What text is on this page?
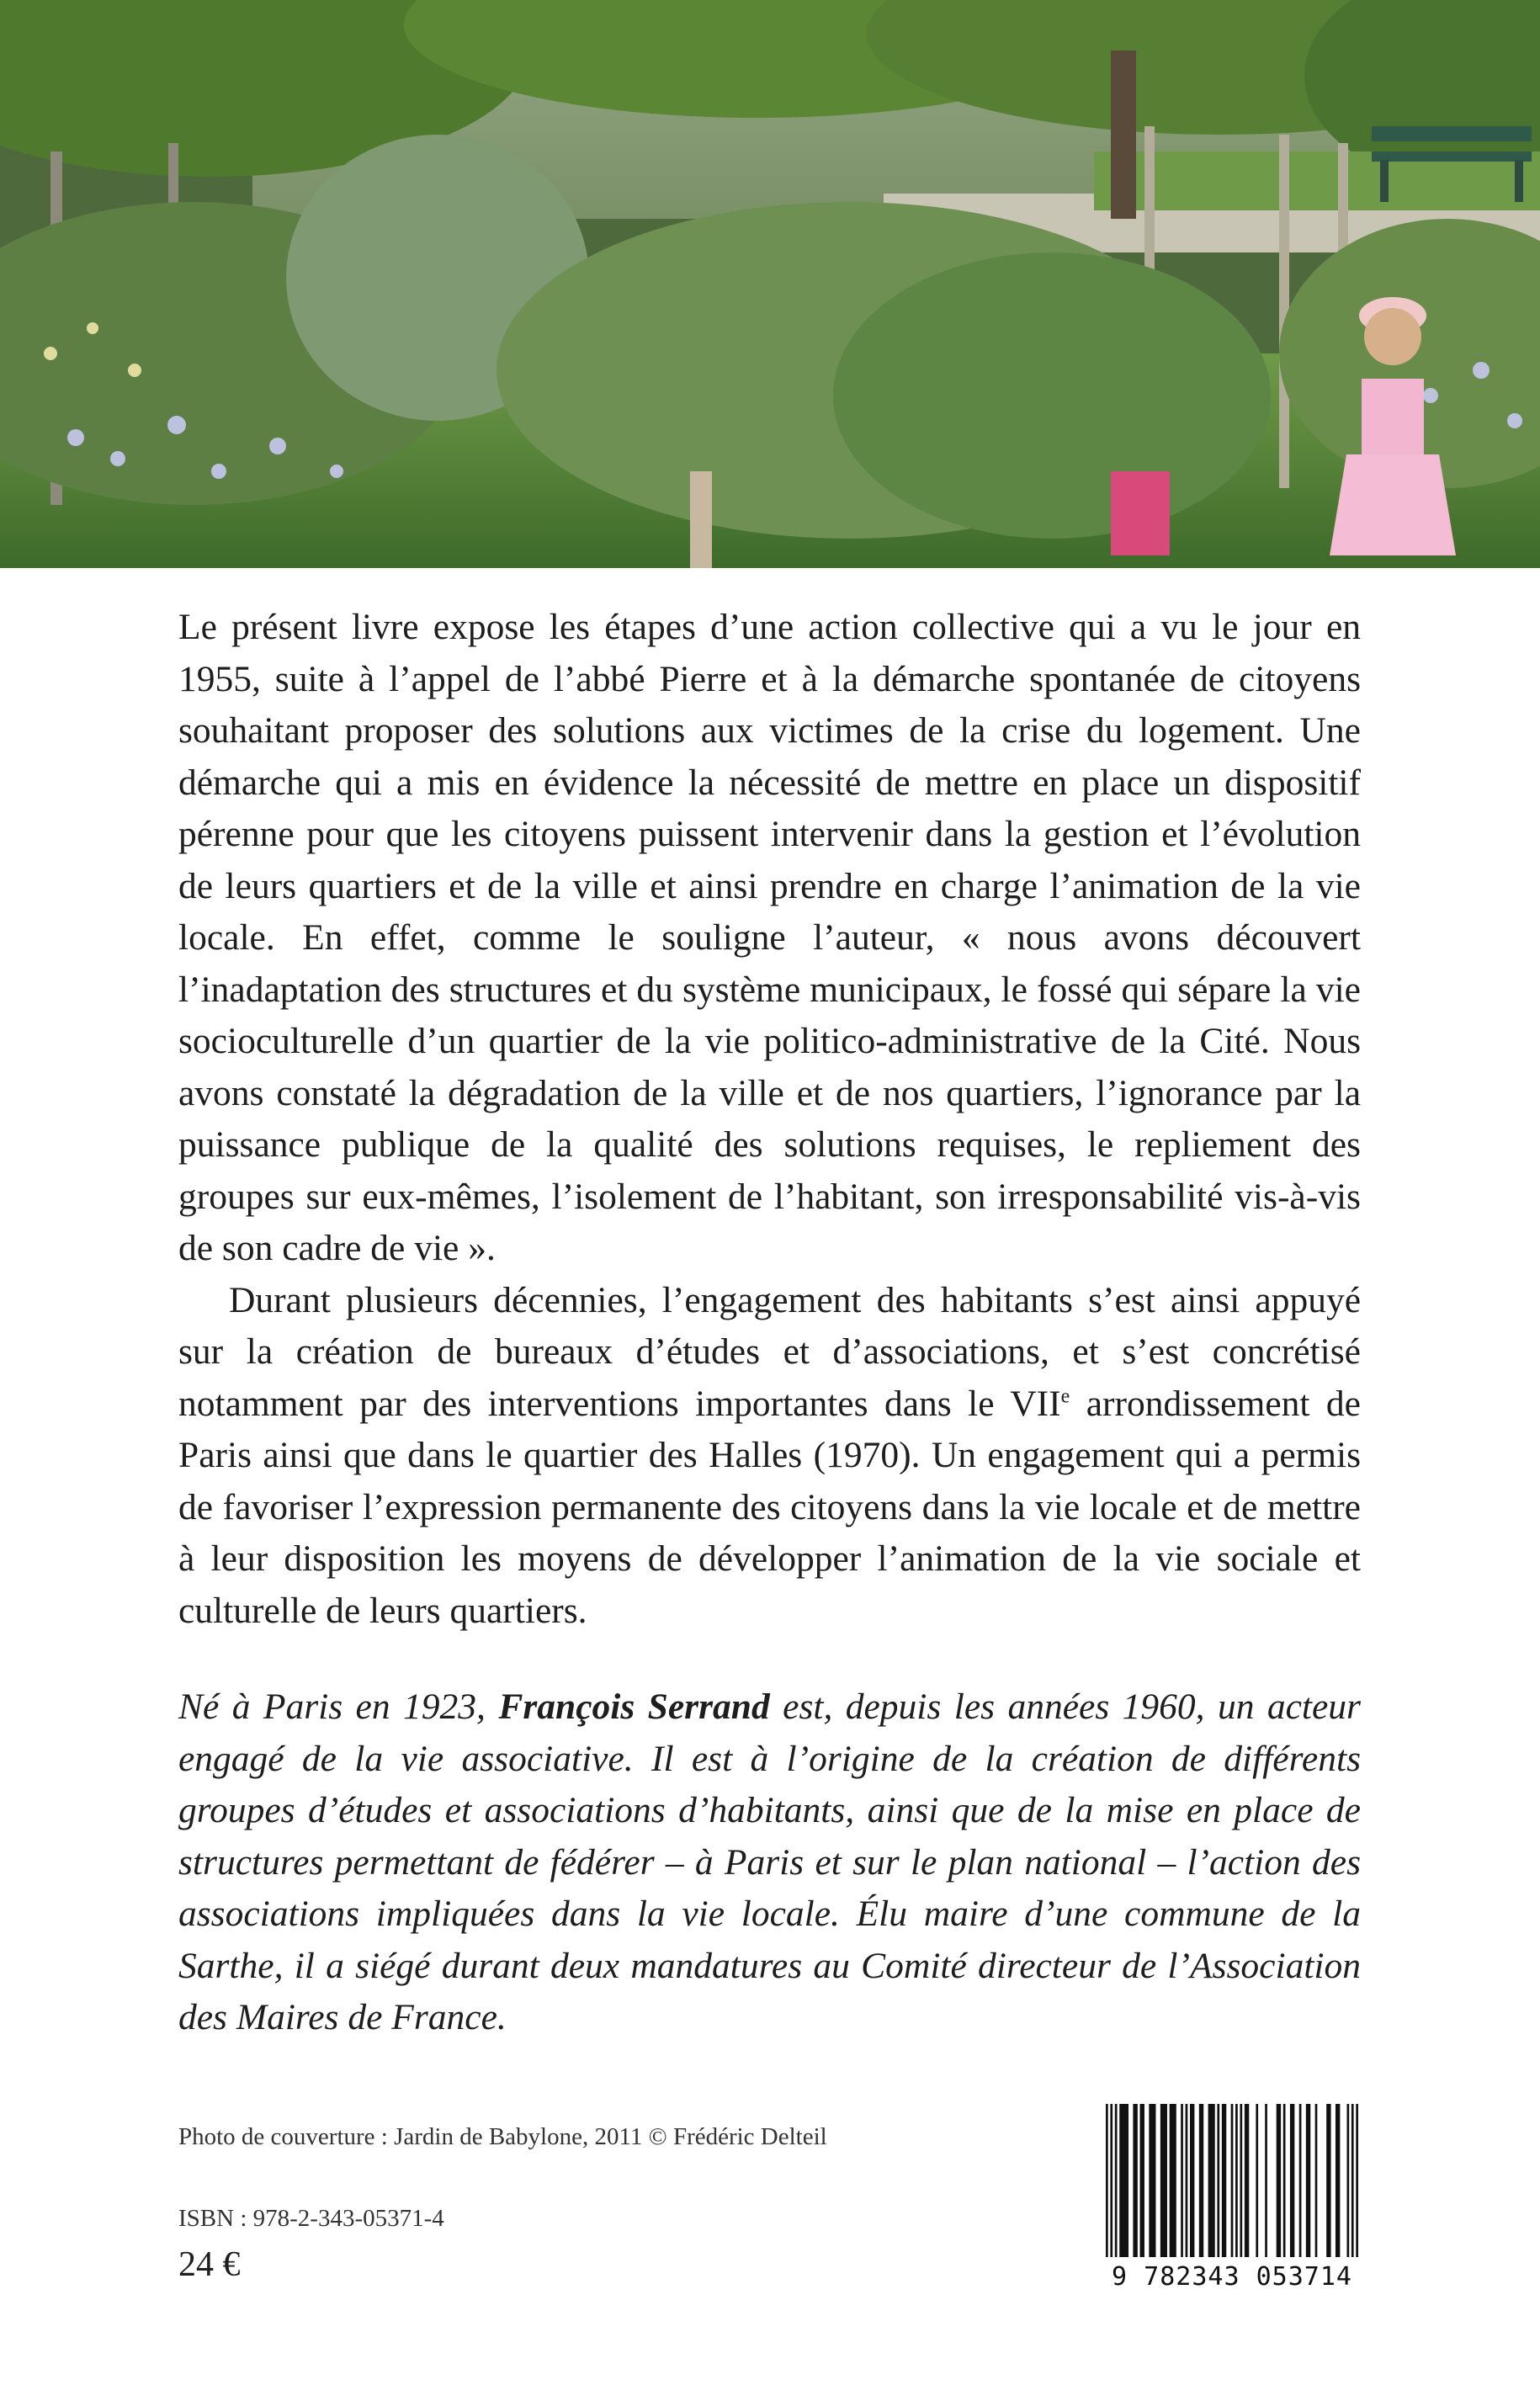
Le présent livre expose les étapes d’une action collective qui a vu le jour en 1955, suite à l’appel de l’abbé Pierre et à la démarche spontanée de citoyens souhaitant proposer des solutions aux victimes de la crise du logement. Une démarche qui a mis en évidence la nécessité de mettre en place un dispositif pérenne pour que les citoyens puissent intervenir dans la gestion et l’évolution de leurs quartiers et de la ville et ainsi prendre en charge l’animation de la vie locale. En effet, comme le souligne l’auteur, « nous avons découvert l’inadaptation des structures et du système municipaux, le fossé qui sépare la vie socioculturelle d’un quartier de la vie politico-administrative de la Cité. Nous avons constaté la dégradation de la ville et de nos quartiers, l’ignorance par la puissance publique de la qualité des solutions requises, le repliement des groupes sur eux-mêmes, l’isolement de l’habitant, son irresponsabilité vis-à-vis de son cadre de vie ».

Durant plusieurs décennies, l’engagement des habitants s’est ainsi appuyé sur la création de bureaux d’études et d’associations, et s’est concrétisé notamment par des interventions importantes dans le VIIe arrondissement de Paris ainsi que dans le quartier des Halles (1970). Un engagement qui a permis de favoriser l’expression permanente des citoyens dans la vie locale et de mettre à leur disposition les moyens de développer l’animation de la vie sociale et culturelle de leurs quartiers.

Né à Paris en 1923, François Serrand est, depuis les années 1960, un acteur engagé de la vie associative. Il est à l’origine de la création de différents groupes d’études et associations d’habitants, ainsi que de la mise en place de structures permettant de fédérer – à Paris et sur le plan national – l’action des associations impliquées dans la vie locale. Élu maire d’une commune de la Sarthe, il a siégé durant deux mandatures au Comité directeur de l’Association des Maires de France.

Photo de couverture : Jardin de Babylone, 2011 © Frédéric Delteil
ISBN : 978-2-343-05371-4
24 €	9 782343 053714
